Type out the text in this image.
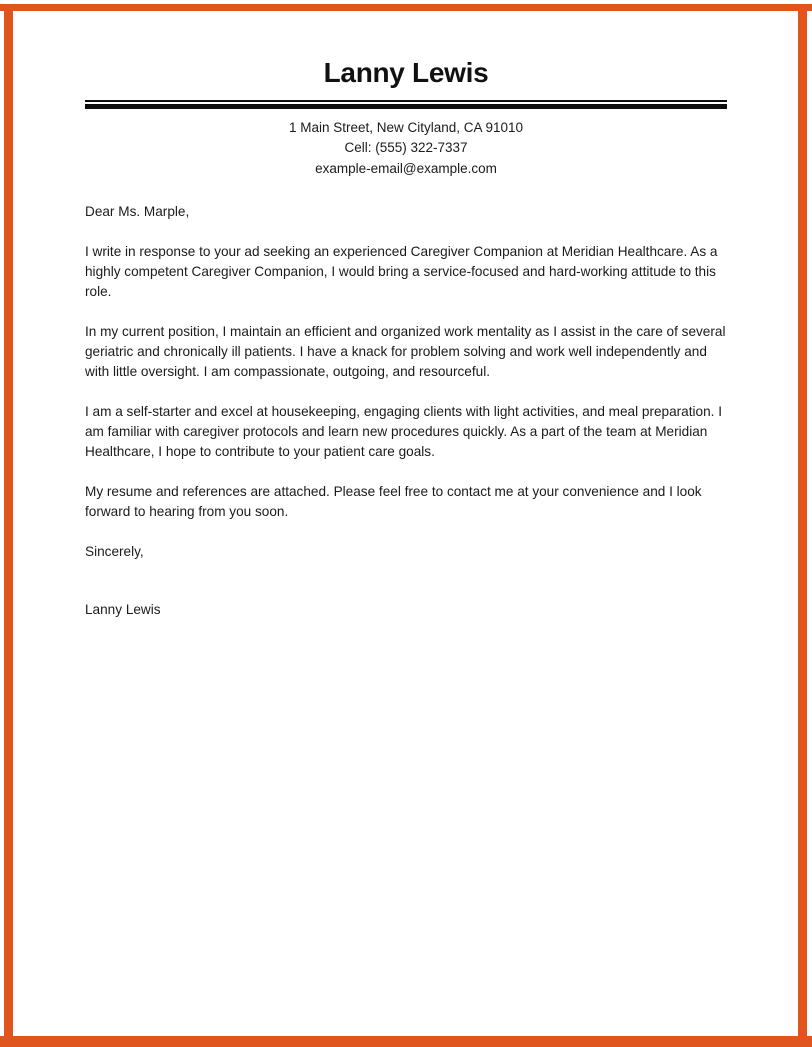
Lanny Lewis
1 Main Street, New Cityland, CA 91010
Cell: (555) 322-7337
example-email@example.com

Dear Ms. Marple,

I write in response to your ad seeking an experienced Caregiver Companion at Meridian Healthcare. As a highly competent Caregiver Companion, I would bring a service-focused and hard-working attitude to this role.

In my current position, I maintain an efficient and organized work mentality as I assist in the care of several geriatric and chronically ill patients. I have a knack for problem solving and work well independently and with little oversight. I am compassionate, outgoing, and resourceful.

I am a self-starter and excel at housekeeping, engaging clients with light activities, and meal preparation. I am familiar with caregiver protocols and learn new procedures quickly. As a part of the team at Meridian Healthcare, I hope to contribute to your patient care goals.

My resume and references are attached. Please feel free to contact me at your convenience and I look forward to hearing from you soon.

Sincerely,

Lanny Lewis
